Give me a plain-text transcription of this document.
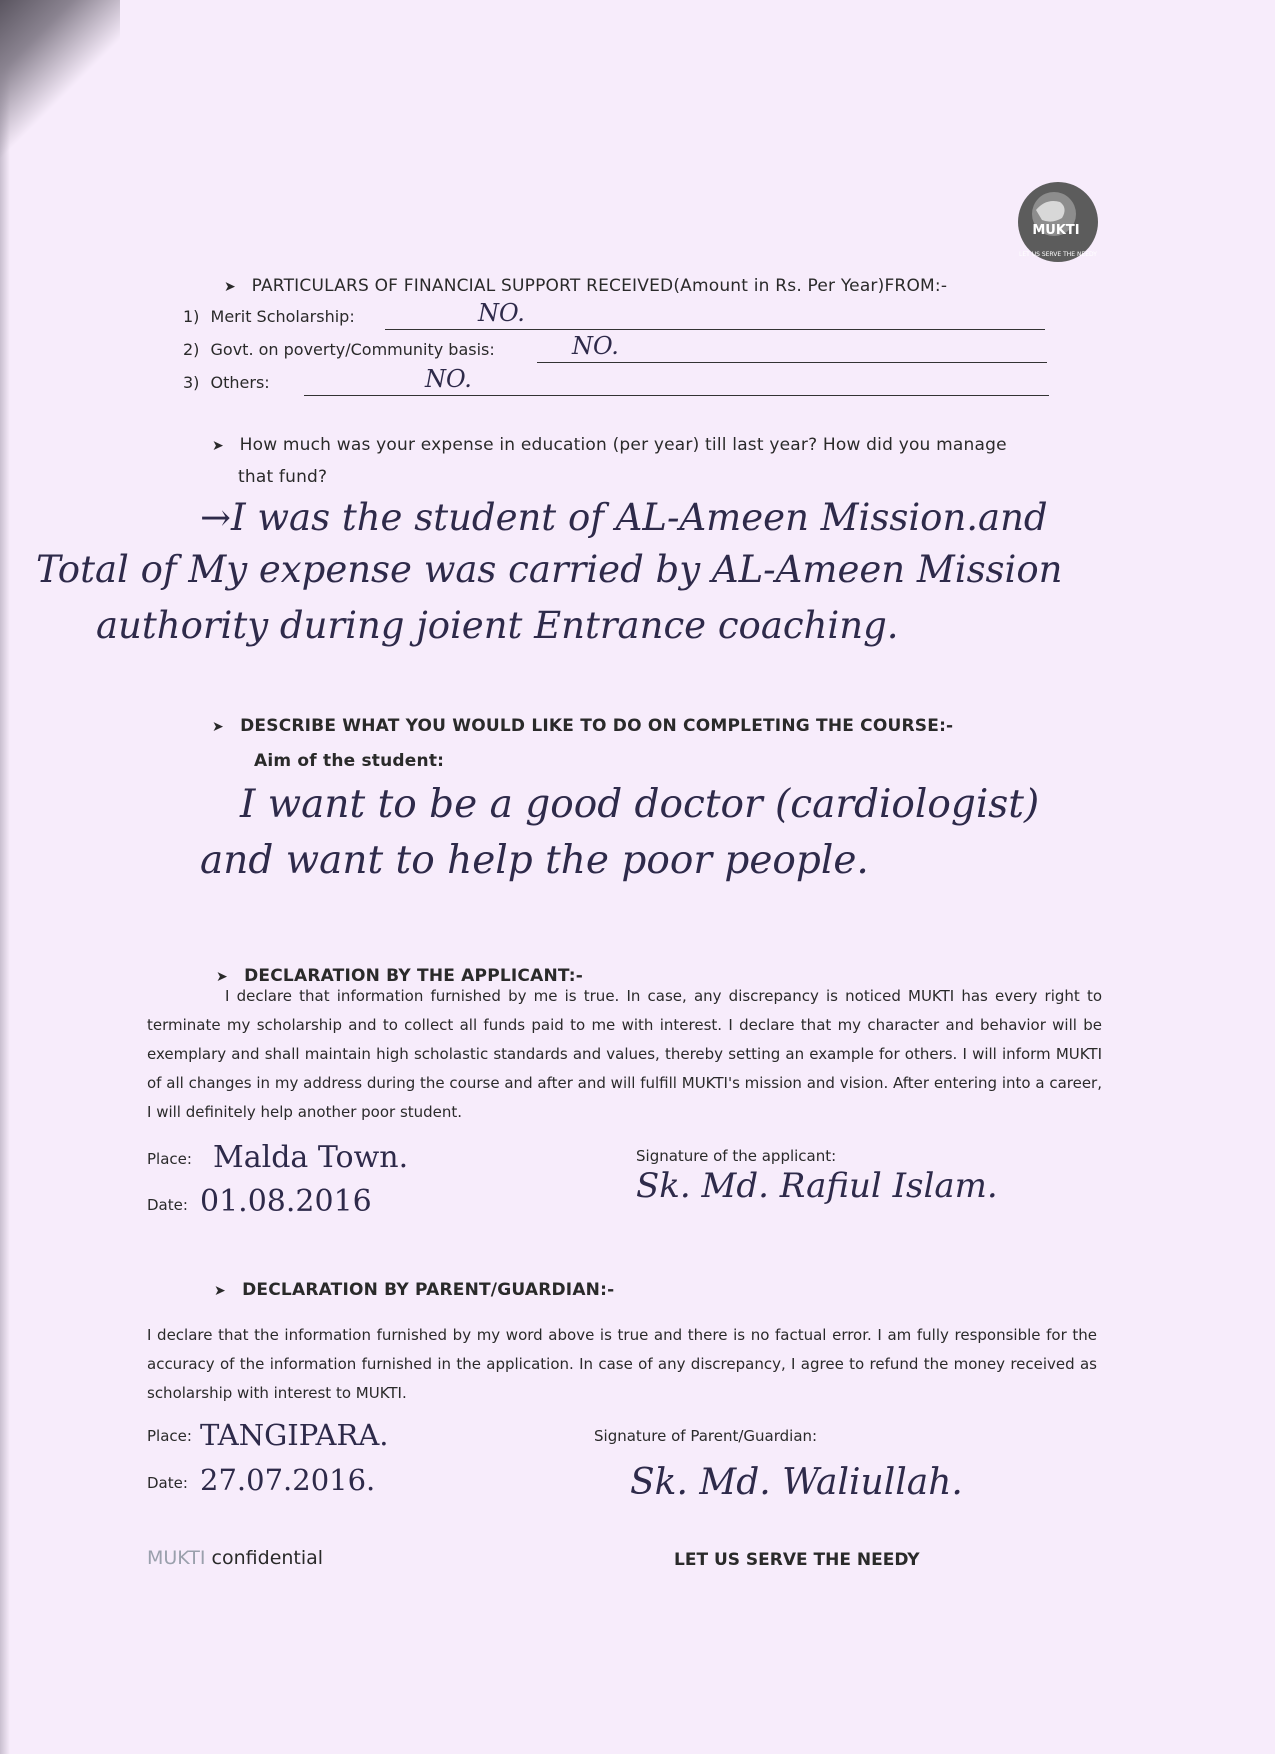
MUKTI
LET US SERVE THE NEEDY
➤ PARTICULARS OF FINANCIAL SUPPORT RECEIVED(Amount in Rs. Per Year)FROM:-
1) Merit Scholarship:	NO.
2) Govt. on poverty/Community basis:	NO.
3) Others:	NO.
➤ How much was your expense in education (per year) till last year? How did you manage
that fund?
→I was the student of AL-Ameen Mission.and
Total of My expense was carried by AL-Ameen Mission
authority during joient Entrance coaching.
➤ DESCRIBE WHAT YOU WOULD LIKE TO DO ON COMPLETING THE COURSE:-
Aim of the student:
I want to be a good doctor (cardiologist)
and want to help the poor people.
➤ DECLARATION BY THE APPLICANT:-
I declare that information furnished by me is true. In case, any discrepancy is noticed MUKTI has every right to terminate my scholarship and to collect all funds paid to me with interest. I declare that my character and behavior will be exemplary and shall maintain high scholastic standards and values, thereby setting an example for others. I will inform MUKTI of all changes in my address during the course and after and will fulfill MUKTI's mission and vision. After entering into a career, I will definitely help another poor student.
Place: Malda Town.
Date: 01.08.2016
Signature of the applicant:
Sk. Md. Rafiul Islam.
➤ DECLARATION BY PARENT/GUARDIAN:-
I declare that the information furnished by my word above is true and there is no factual error. I am fully responsible for the accuracy of the information furnished in the application. In case of any discrepancy, I agree to refund the money received as scholarship with interest to MUKTI.
Place: TANGIPARA.
Date: 27.07.2016.
Signature of Parent/Guardian:
Sk. Md. Waliullah.
MUKTI confidential	LET US SERVE THE NEEDY
